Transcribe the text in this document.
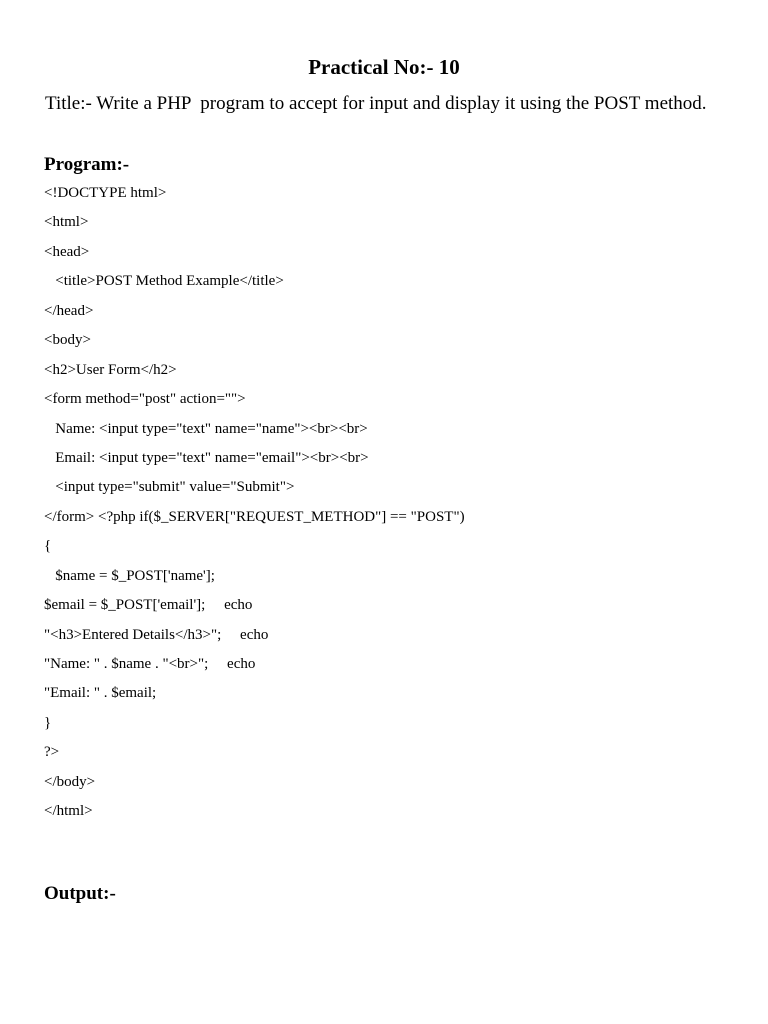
Practical No:- 10

Title:- Write a PHP  program to accept for input and display it using the POST method.

Program:-
<!DOCTYPE html>
<html>
<head>
<title>POST Method Example</title>
</head>
<body>
<h2>User Form</h2>
<form method="post" action="">
Name: <input type="text" name="name"><br><br>
Email: <input type="text" name="email"><br><br>
<input type="submit" value="Submit">
</form> <?php if($_SERVER["REQUEST_METHOD"] == "POST")
{
$name = $_POST['name'];
$email = $_POST['email'];     echo
"<h3>Entered Details</h3>";     echo
"Name: " . $name . "<br>";     echo
"Email: " . $email;
}
?>
</body>
</html>
Output:-
